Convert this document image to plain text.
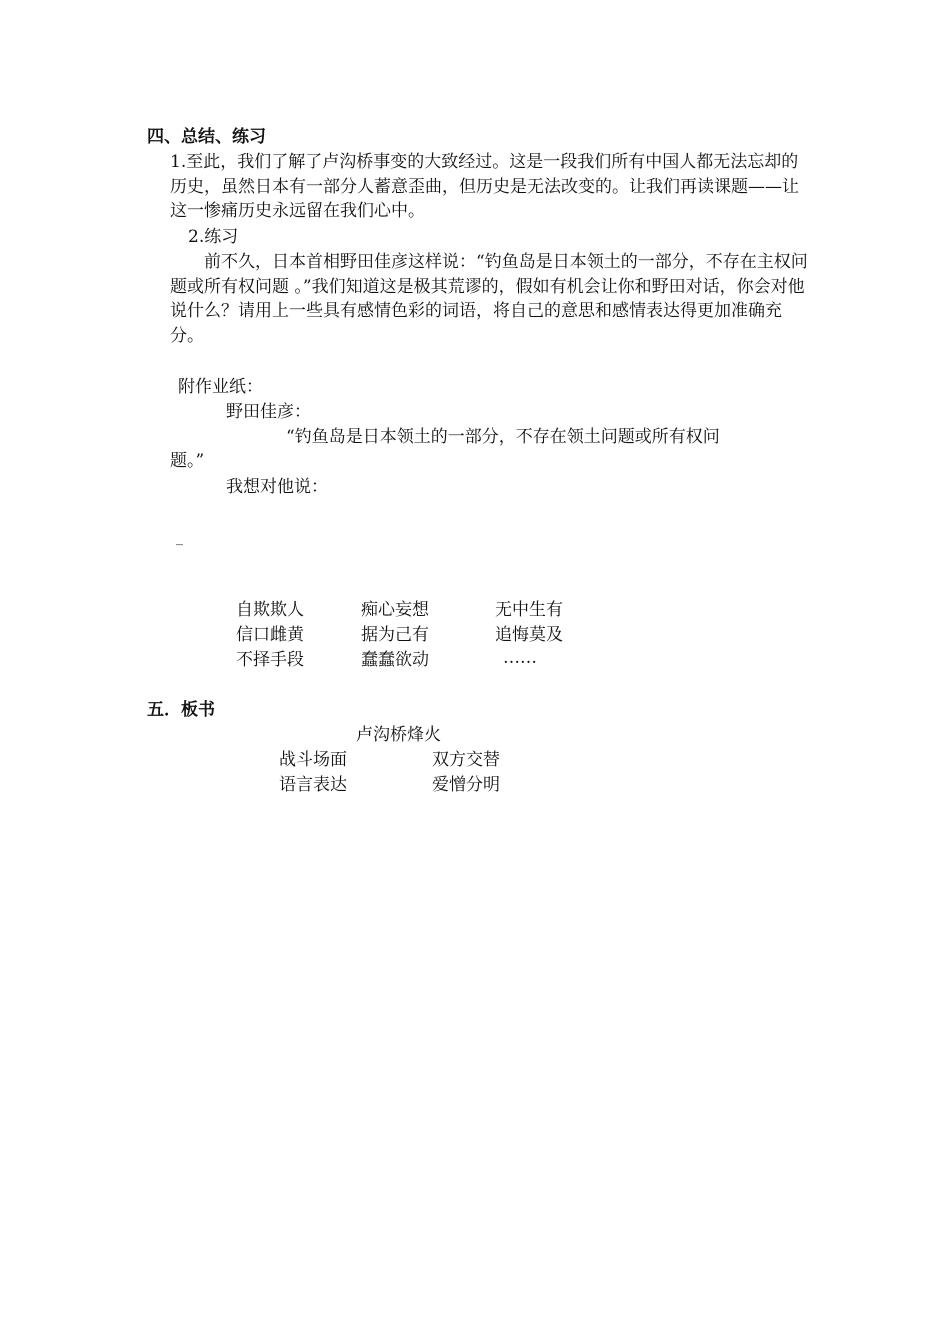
四、总结、练习
1.至此，我们了解了卢沟桥事变的大致经过。这是一段我们所有中国人都无法忘却的历史，虽然日本有一部分人蓄意歪曲，但历史是无法改变的。让我们再读课题——让这一惨痛历史永远留在我们心中。
2.练习
前不久，日本首相野田佳彦这样说：“钓鱼岛是日本领土的一部分，不存在主权问题或所有权问题 。”我们知道这是极其荒谬的，假如有机会让你和野田对话，你会对他说什么？请用上一些具有感情色彩的词语，将自己的意思和感情表达得更加准确充分。
附作业纸：
野田佳彦：
“钓鱼岛是日本领土的一部分，不存在领土问题或所有权问
题。”
我想对他说：
_
自欺欺人	痴心妄想	无中生有
信口雌黄	据为己有	追悔莫及
不择手段	蠢蠢欲动	……
五．板书
卢沟桥烽火
战斗场面	双方交替
语言表达	爱憎分明
